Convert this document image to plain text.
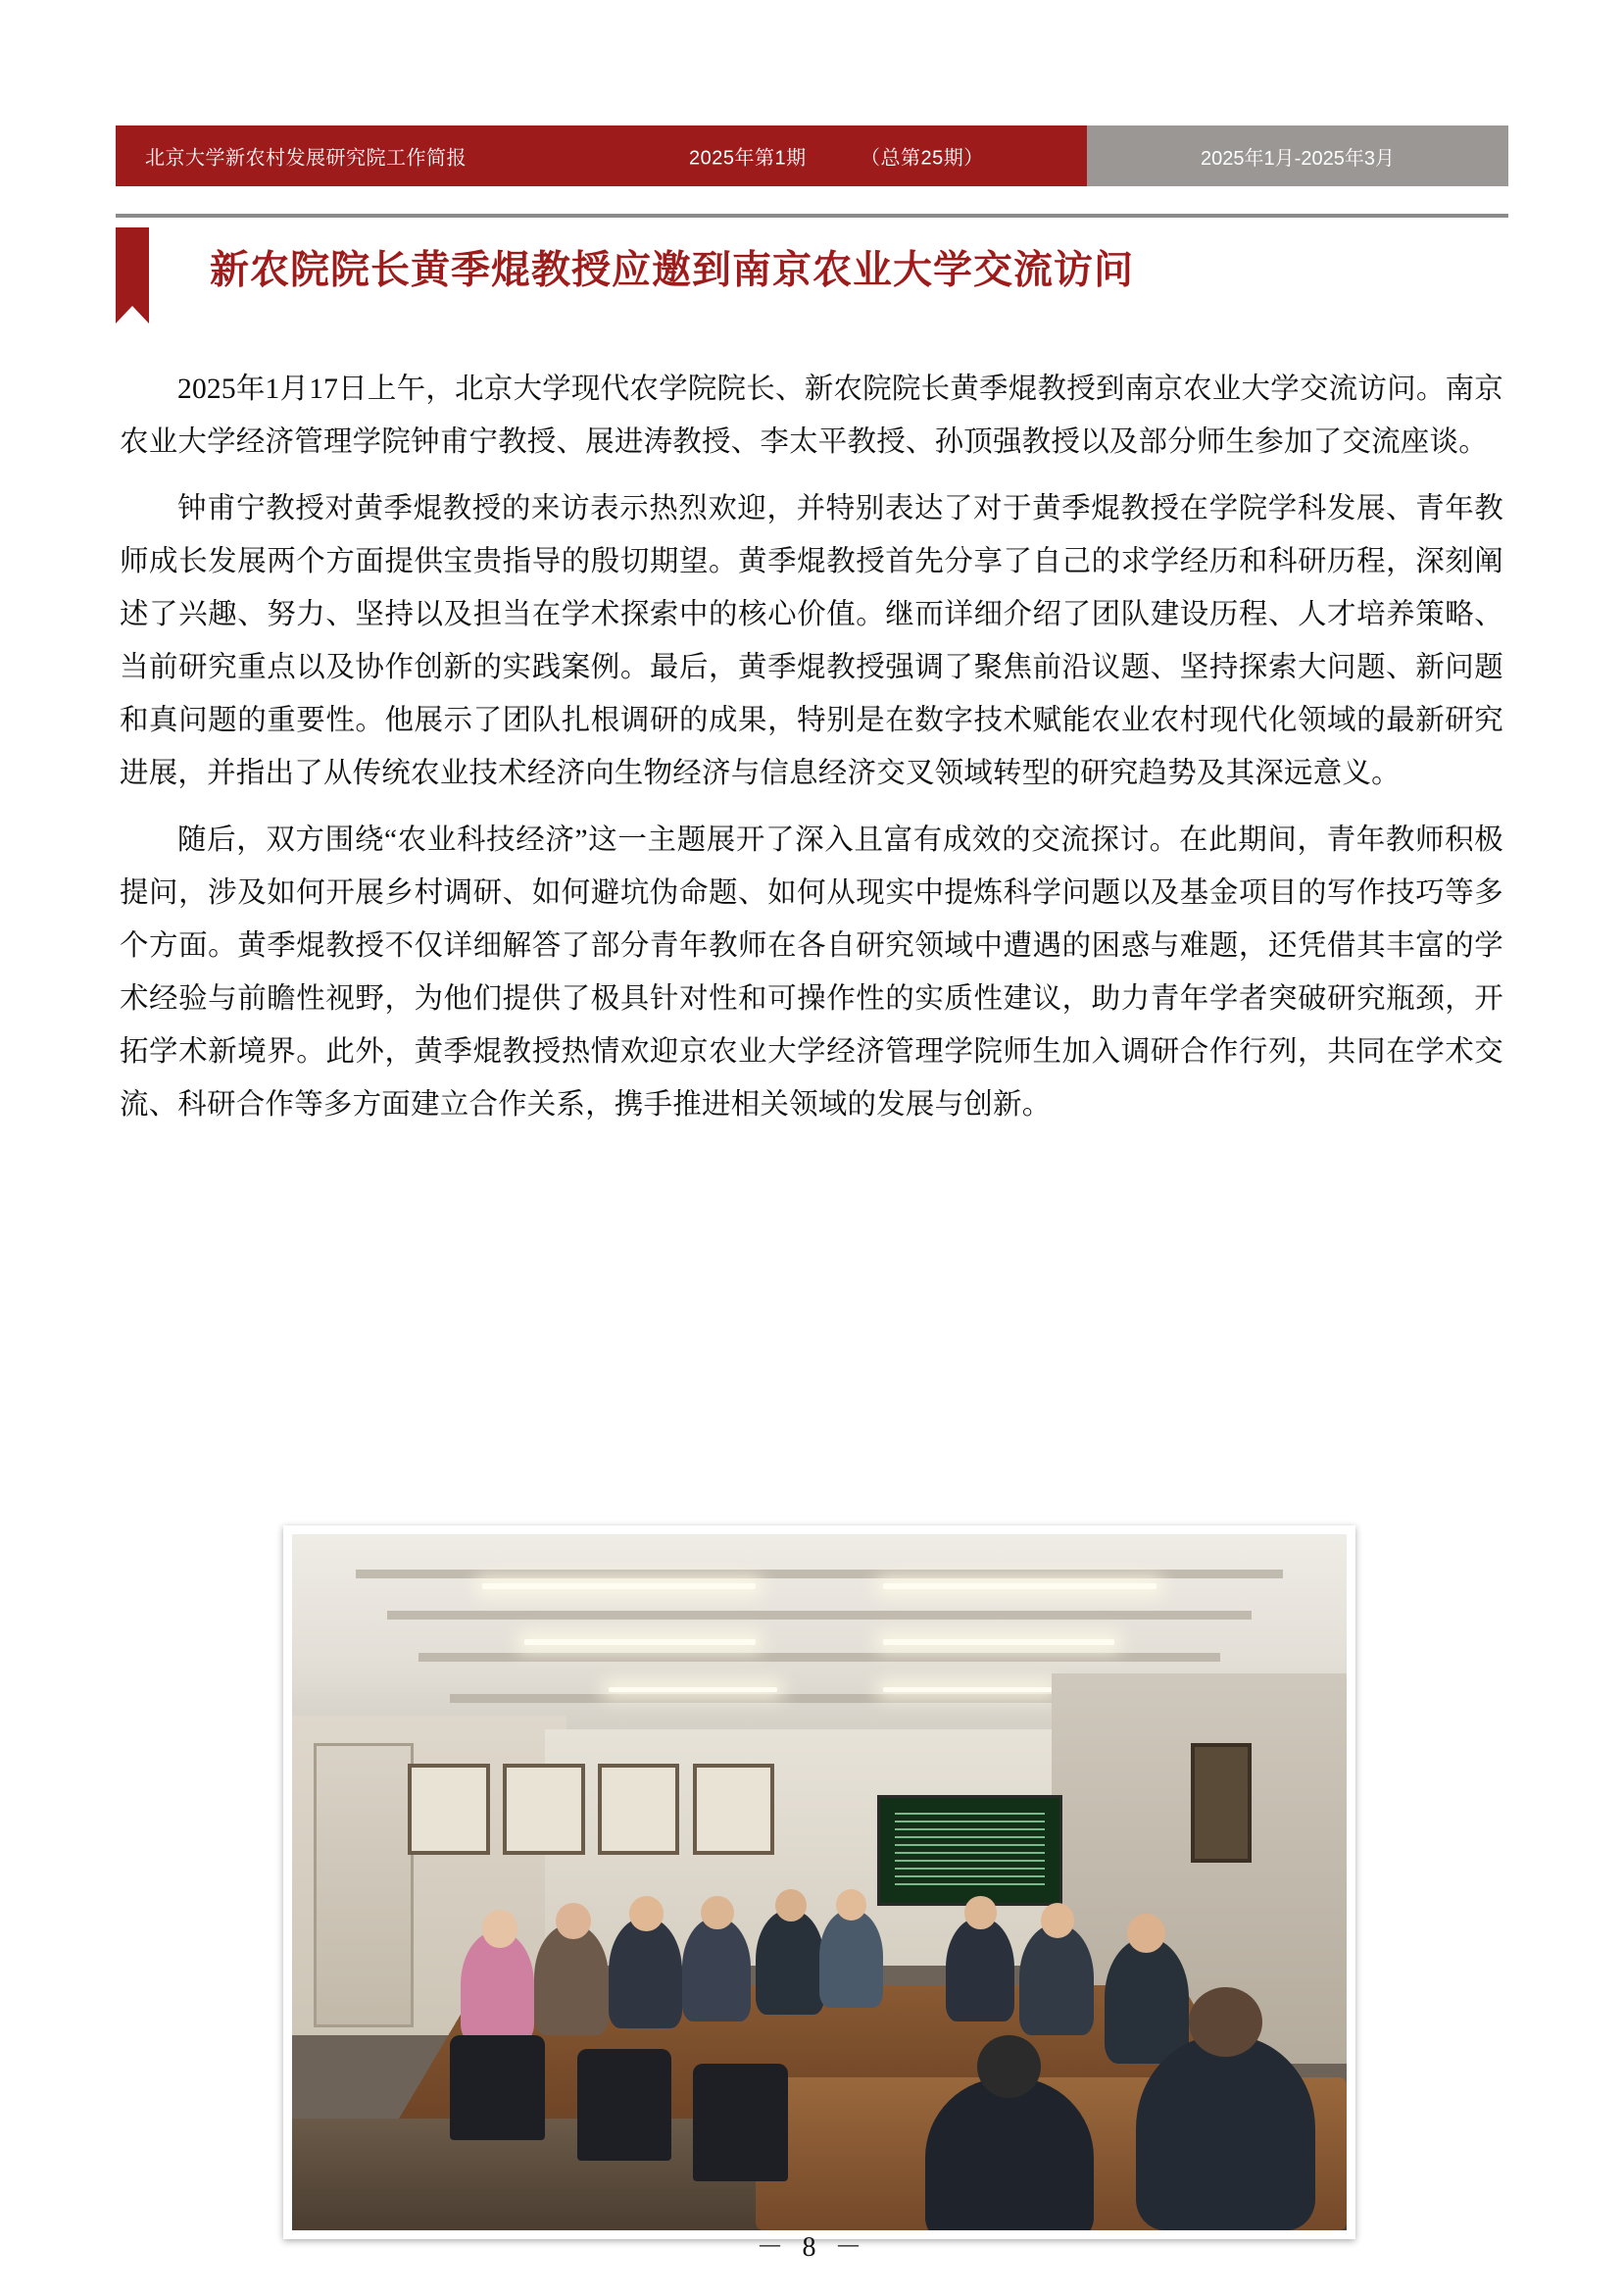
北京大学新农村发展研究院工作简报	2025年第1期	（总第25期）	2025年1月-2025年3月
新农院院长黄季焜教授应邀到南京农业大学交流访问

2025年1月17日上午，北京大学现代农学院院长、新农院院长黄季焜教授到南京农业大学交流访问。南京农业大学经济管理学院钟甫宁教授、展进涛教授、李太平教授、孙顶强教授以及部分师生参加了交流座谈。

钟甫宁教授对黄季焜教授的来访表示热烈欢迎，并特别表达了对于黄季焜教授在学院学科发展、青年教师成长发展两个方面提供宝贵指导的殷切期望。黄季焜教授首先分享了自己的求学经历和科研历程，深刻阐述了兴趣、努力、坚持以及担当在学术探索中的核心价值。继而详细介绍了团队建设历程、人才培养策略、当前研究重点以及协作创新的实践案例。最后，黄季焜教授强调了聚焦前沿议题、坚持探索大问题、新问题和真问题的重要性。他展示了团队扎根调研的成果，特别是在数字技术赋能农业农村现代化领域的最新研究进展，并指出了从传统农业技术经济向生物经济与信息经济交叉领域转型的研究趋势及其深远意义。

随后，双方围绕“农业科技经济”这一主题展开了深入且富有成效的交流探讨。在此期间，青年教师积极提问，涉及如何开展乡村调研、如何避坑伪命题、如何从现实中提炼科学问题以及基金项目的写作技巧等多个方面。黄季焜教授不仅详细解答了部分青年教师在各自研究领域中遭遇的困惑与难题，还凭借其丰富的学术经验与前瞻性视野，为他们提供了极具针对性和可操作性的实质性建议，助力青年学者突破研究瓶颈，开拓学术新境界。此外，黄季焜教授热情欢迎京农业大学经济管理学院师生加入调研合作行列，共同在学术交流、科研合作等多方面建立合作关系，携手推进相关领域的发展与创新。

－ 8 －
